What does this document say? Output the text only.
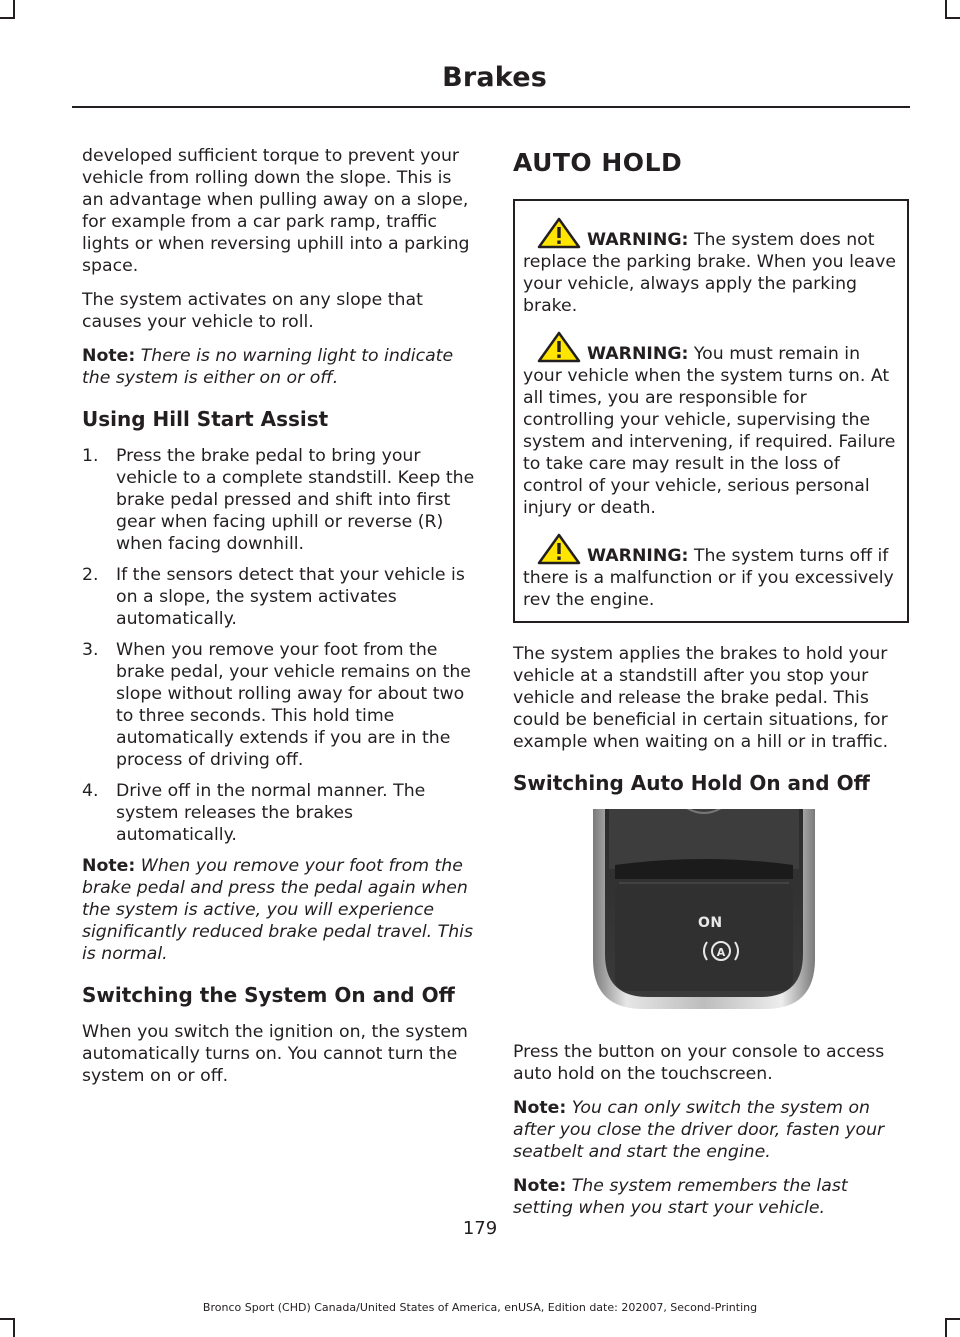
Brakes

developed sufficient torque to prevent your vehicle from rolling down the slope. This is an advantage when pulling away on a slope, for example from a car park ramp, traffic lights or when reversing uphill into a parking space.

The system activates on any slope that causes your vehicle to roll.

Note: There is no warning light to indicate the system is either on or off.

Using Hill Start Assist
1. Press the brake pedal to bring your vehicle to a complete standstill. Keep the brake pedal pressed and shift into first gear when facing uphill or reverse (R) when facing downhill.
2. If the sensors detect that your vehicle is on a slope, the system activates automatically.
3. When you remove your foot from the brake pedal, your vehicle remains on the slope without rolling away for about two to three seconds. This hold time automatically extends if you are in the process of driving off.
4. Drive off in the normal manner. The system releases the brakes automatically.

Note: When you remove your foot from the brake pedal and press the pedal again when the system is active, you will experience significantly reduced brake pedal travel. This is normal.

Switching the System On and Off

When you switch the ignition on, the system automatically turns on. You cannot turn the system on or off.

AUTO HOLD

WARNING: The system does not replace the parking brake. When you leave your vehicle, always apply the parking brake.

WARNING: You must remain in your vehicle when the system turns on. At all times, you are responsible for controlling your vehicle, supervising the system and intervening, if required. Failure to take care may result in the loss of control of your vehicle, serious personal injury or death.

WARNING: The system turns off if there is a malfunction or if you excessively rev the engine.

The system applies the brakes to hold your vehicle at a standstill after you stop your vehicle and release the brake pedal. This could be beneficial in certain situations, for example when waiting on a hill or in traffic.

Switching Auto Hold On and Off
A
ON

Press the button on your console to access auto hold on the touchscreen.

Note: You can only switch the system on after you close the driver door, fasten your seatbelt and start the engine.

Note: The system remembers the last setting when you start your vehicle.

179
Bronco Sport (CHD) Canada/United States of America, enUSA, Edition date: 202007, Second-Printing
